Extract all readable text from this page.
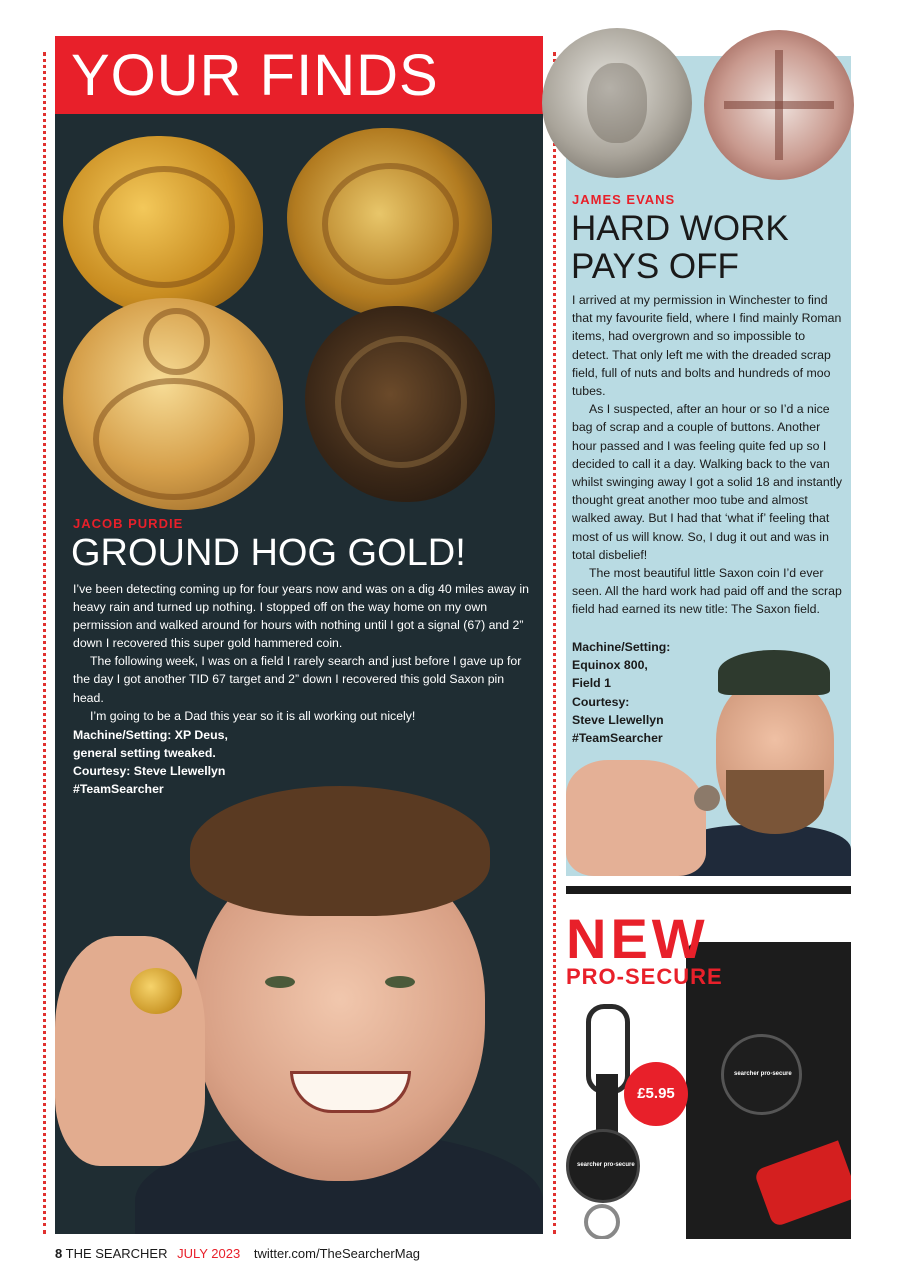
YOUR FINDS
JACOB PURDIE
GROUND HOG GOLD!

I’ve been detecting coming up for four years now and was on a dig 40 miles away in heavy rain and turned up nothing. I stopped off on the way home on my own permission and walked around for hours with nothing until I got a signal (67) and 2” down I recovered this super gold hammered coin.

The following week, I was on a field I rarely search and just before I gave up for the day I got another TID 67 target and 2” down I recovered this gold Saxon pin head.

I’m going to be a Dad this year so it is all working out nicely!

Machine/Setting: XP Deus,
general setting tweaked.
Courtesy: Steve Llewellyn
#TeamSearcher
JAMES EVANS
HARD WORK
PAYS OFF

I arrived at my permission in Winchester to find that my favourite field, where I find mainly Roman items, had overgrown and so impossible to detect. That only left me with the dreaded scrap field, full of nuts and bolts and hundreds of moo tubes.

As I suspected, after an hour or so I’d a nice bag of scrap and a couple of buttons. Another hour passed and I was feeling quite fed up so I decided to call it a day. Walking back to the van whilst swinging away I got a solid 18 and instantly thought great another moo tube and almost walked away. But I had that ‘what if’ feeling that most of us will know. So, I dug it out and was in total disbelief!

The most beautiful little Saxon coin I’d ever seen. All the hard work had paid off and the scrap field had earned its new title: The Saxon field.

Machine/Setting:
Equinox 800,
Field 1
Courtesy:
Steve Llewellyn
#TeamSearcher
searcher pro-secure
NEW
PRO-SECURE
searcher pro-secure
£5.95
8 THE SEARCHER JULY 2023 twitter.com/TheSearcherMag
